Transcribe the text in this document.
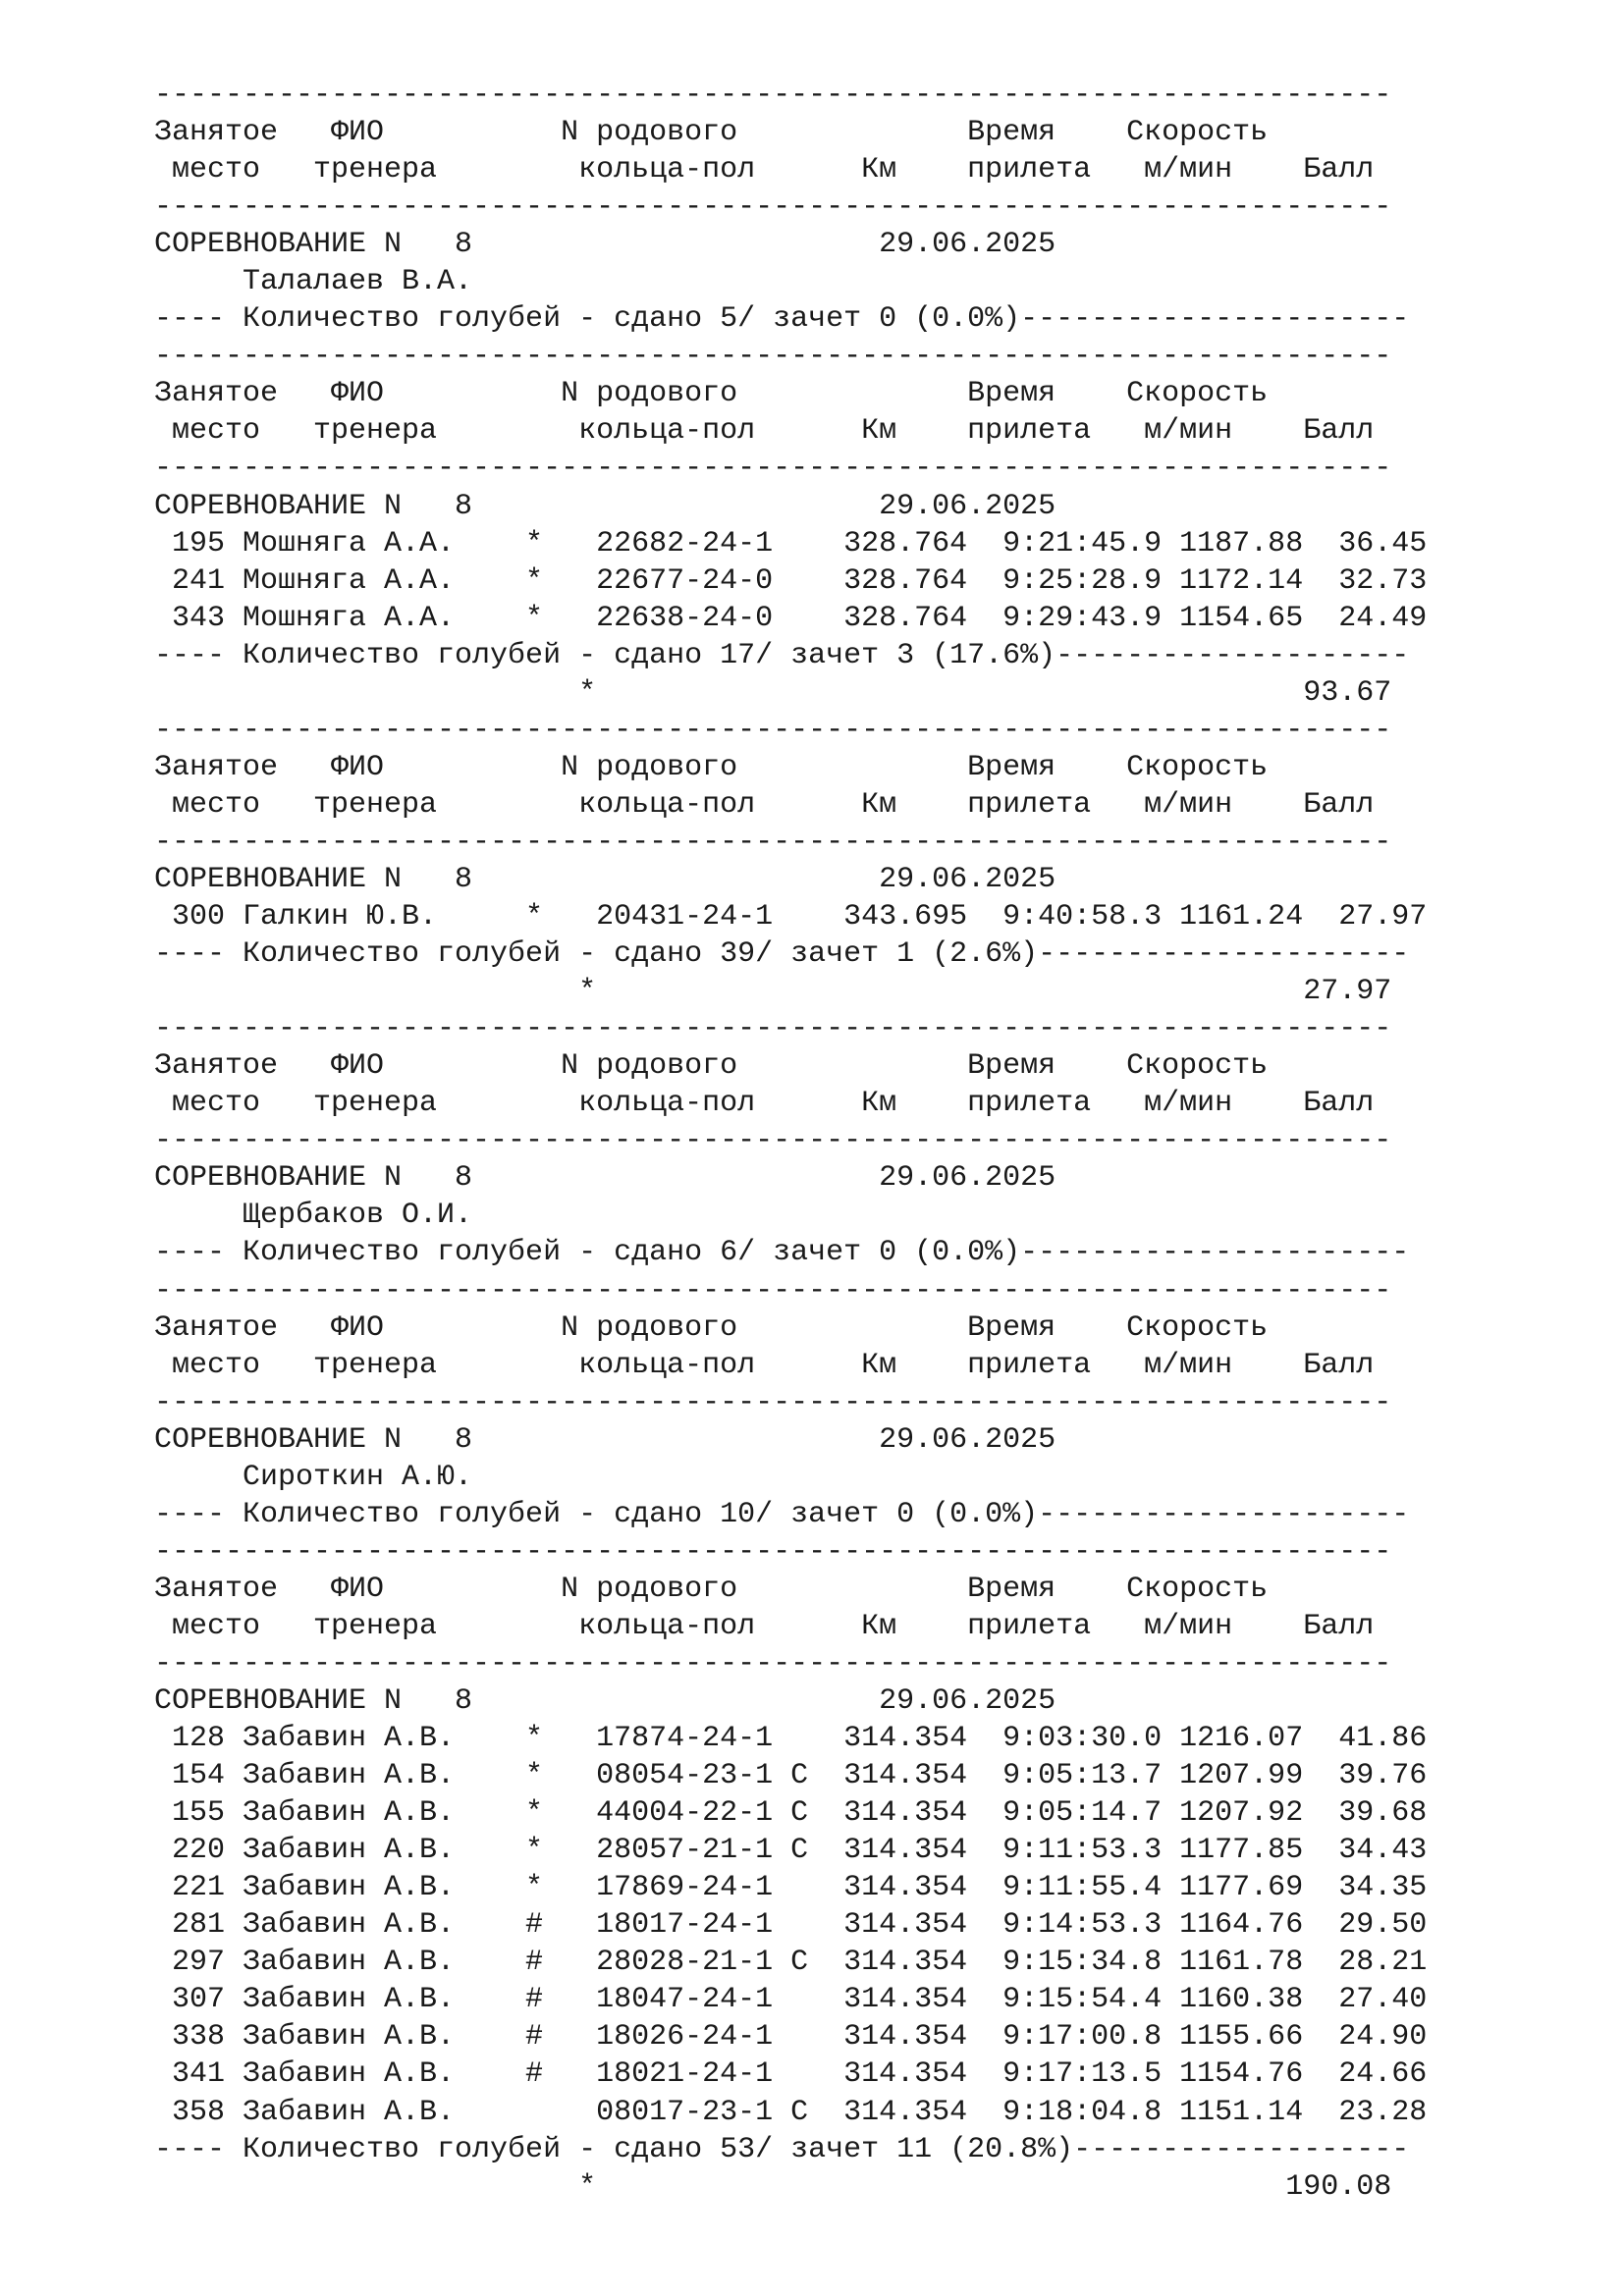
----------------------------------------------------------------------
Занятое   ФИО          N родового             Время    Скорость
место   тренера        кольца-пол      Км    прилета   м/мин    Балл
----------------------------------------------------------------------
СОРЕВНОВАНИЕ N   8                       29.06.2025
Талалаев В.А.
---- Количество голубей - сдано 5/ зачет 0 (0.0%)----------------------
----------------------------------------------------------------------
Занятое   ФИО          N родового             Время    Скорость
место   тренера        кольца-пол      Км    прилета   м/мин    Балл
----------------------------------------------------------------------
СОРЕВНОВАНИЕ N   8                       29.06.2025
195 Мошняга А.А.    *   22682-24-1    328.764  9:21:45.9 1187.88  36.45
241 Мошняга А.А.    *   22677-24-0    328.764  9:25:28.9 1172.14  32.73
343 Мошняга А.А.    *   22638-24-0    328.764  9:29:43.9 1154.65  24.49
---- Количество голубей - сдано 17/ зачет 3 (17.6%)--------------------
*                                        93.67
----------------------------------------------------------------------
Занятое   ФИО          N родового             Время    Скорость
место   тренера        кольца-пол      Км    прилета   м/мин    Балл
----------------------------------------------------------------------
СОРЕВНОВАНИЕ N   8                       29.06.2025
300 Галкин Ю.В.     *   20431-24-1    343.695  9:40:58.3 1161.24  27.97
---- Количество голубей - сдано 39/ зачет 1 (2.6%)---------------------
*                                        27.97
----------------------------------------------------------------------
Занятое   ФИО          N родового             Время    Скорость
место   тренера        кольца-пол      Км    прилета   м/мин    Балл
----------------------------------------------------------------------
СОРЕВНОВАНИЕ N   8                       29.06.2025
Щербаков О.И.
---- Количество голубей - сдано 6/ зачет 0 (0.0%)----------------------
----------------------------------------------------------------------
Занятое   ФИО          N родового             Время    Скорость
место   тренера        кольца-пол      Км    прилета   м/мин    Балл
----------------------------------------------------------------------
СОРЕВНОВАНИЕ N   8                       29.06.2025
Сироткин А.Ю.
---- Количество голубей - сдано 10/ зачет 0 (0.0%)---------------------
----------------------------------------------------------------------
Занятое   ФИО          N родового             Время    Скорость
место   тренера        кольца-пол      Км    прилета   м/мин    Балл
----------------------------------------------------------------------
СОРЕВНОВАНИЕ N   8                       29.06.2025
128 Забавин А.В.    *   17874-24-1    314.354  9:03:30.0 1216.07  41.86
154 Забавин А.В.    *   08054-23-1 С  314.354  9:05:13.7 1207.99  39.76
155 Забавин А.В.    *   44004-22-1 С  314.354  9:05:14.7 1207.92  39.68
220 Забавин А.В.    *   28057-21-1 С  314.354  9:11:53.3 1177.85  34.43
221 Забавин А.В.    *   17869-24-1    314.354  9:11:55.4 1177.69  34.35
281 Забавин А.В.    #   18017-24-1    314.354  9:14:53.3 1164.76  29.50
297 Забавин А.В.    #   28028-21-1 С  314.354  9:15:34.8 1161.78  28.21
307 Забавин А.В.    #   18047-24-1    314.354  9:15:54.4 1160.38  27.40
338 Забавин А.В.    #   18026-24-1    314.354  9:17:00.8 1155.66  24.90
341 Забавин А.В.    #   18021-24-1    314.354  9:17:13.5 1154.76  24.66
358 Забавин А.В.        08017-23-1 С  314.354  9:18:04.8 1151.14  23.28
---- Количество голубей - сдано 53/ зачет 11 (20.8%)-------------------
*                                       190.08
